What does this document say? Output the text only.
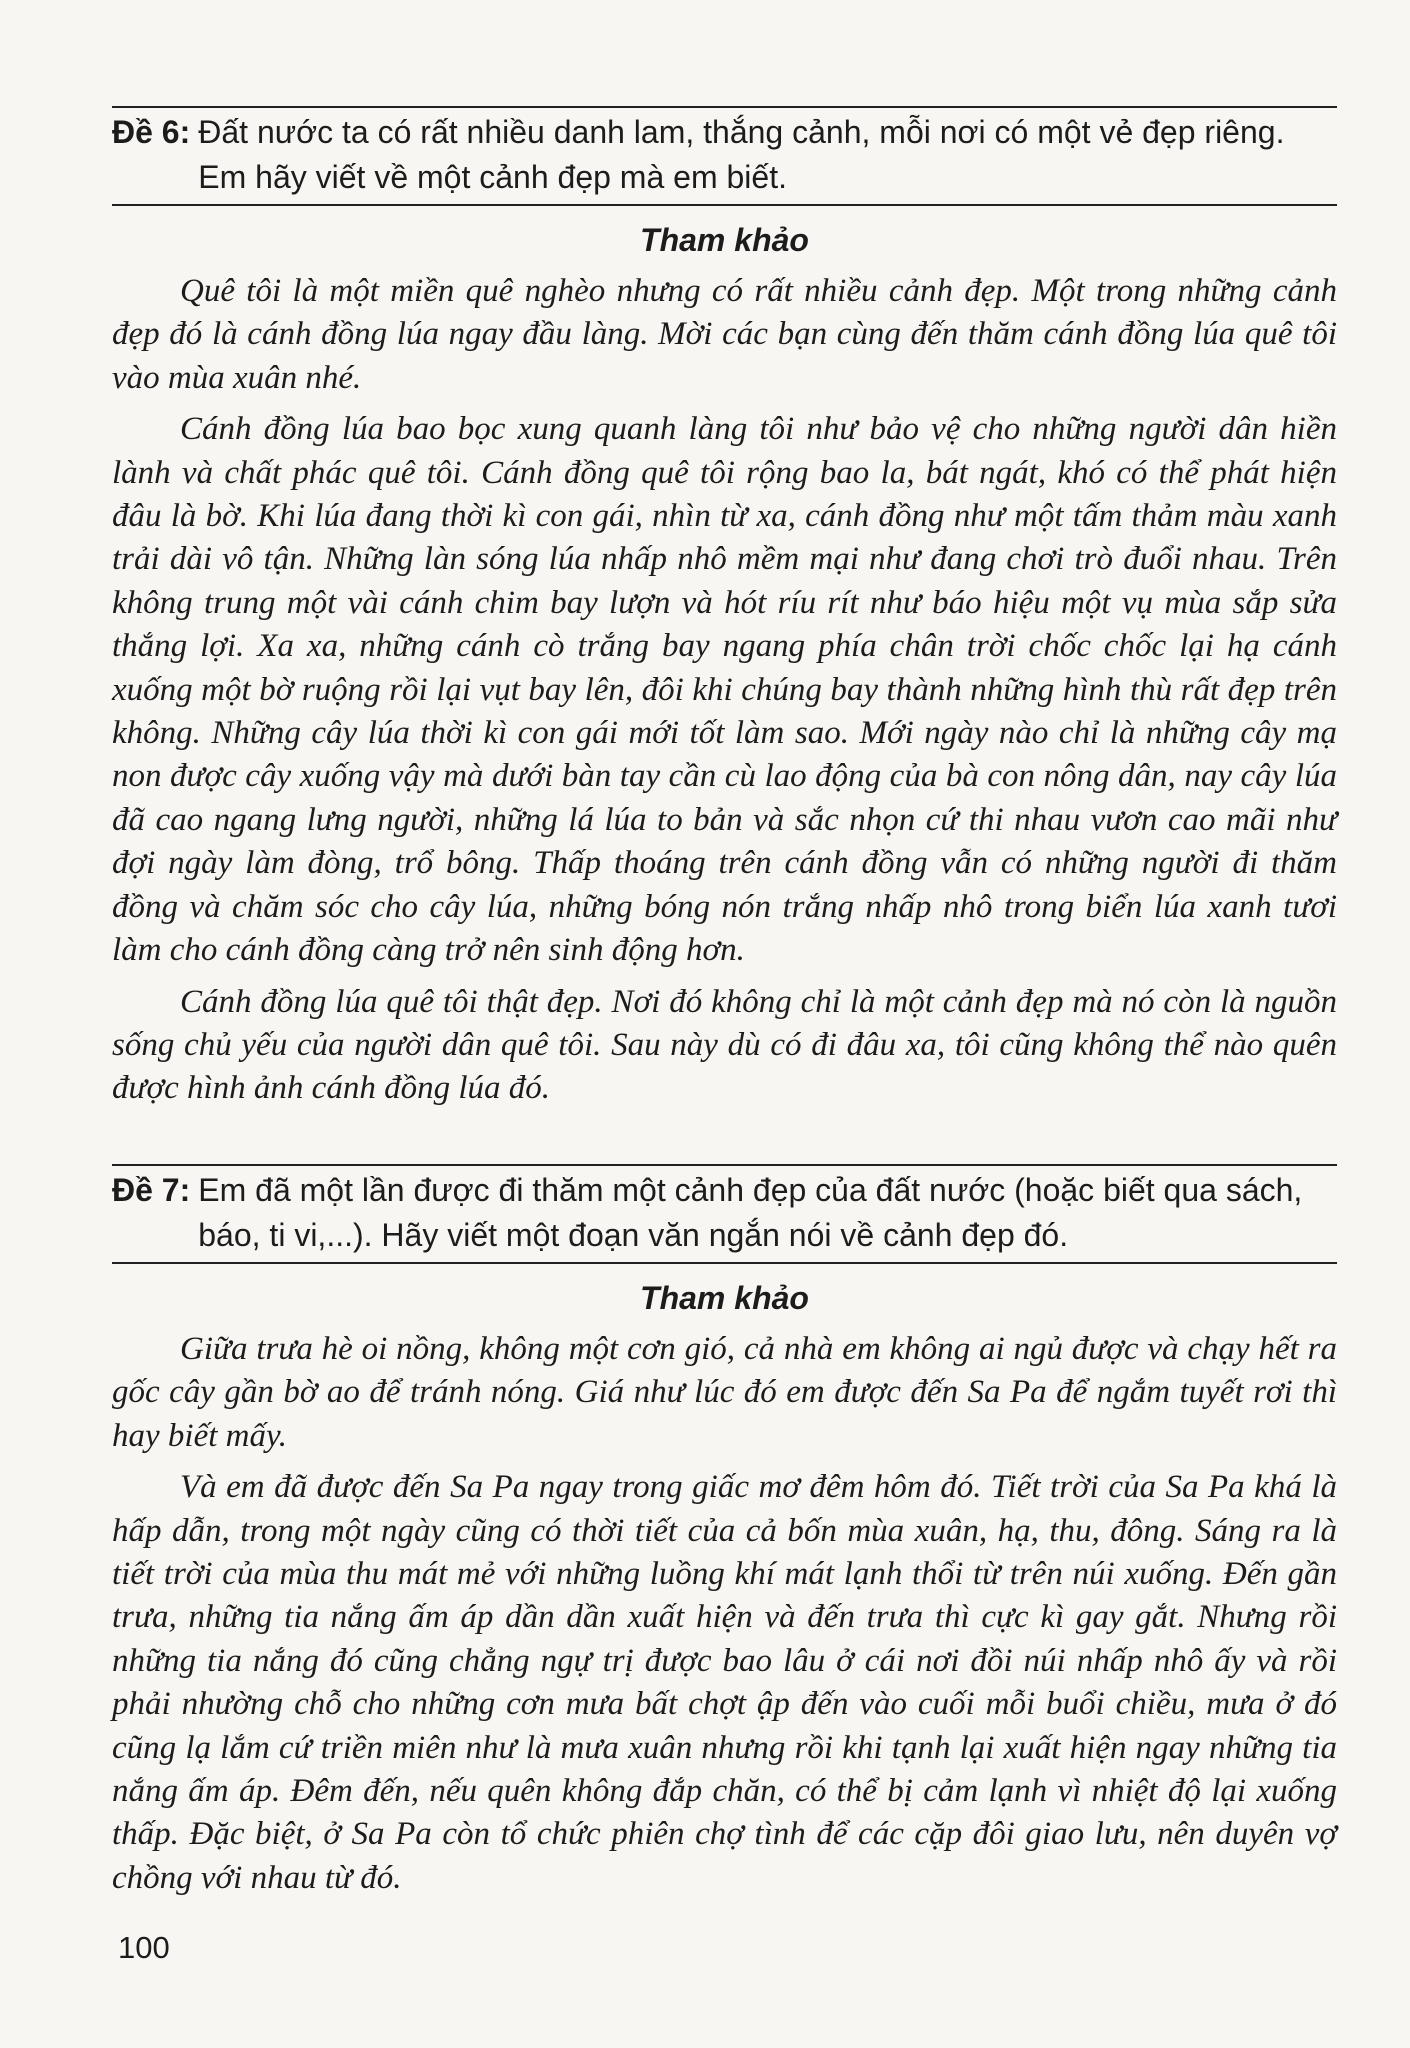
Đề 6: Đất nước ta có rất nhiều danh lam, thắng cảnh, mỗi nơi có một vẻ đẹp riêng. Em hãy viết về một cảnh đẹp mà em biết.
Tham khảo

Quê tôi là một miền quê nghèo nhưng có rất nhiều cảnh đẹp. Một trong những cảnh đẹp đó là cánh đồng lúa ngay đầu làng. Mời các bạn cùng đến thăm cánh đồng lúa quê tôi vào mùa xuân nhé.

Cánh đồng lúa bao bọc xung quanh làng tôi như bảo vệ cho những người dân hiền lành và chất phác quê tôi. Cánh đồng quê tôi rộng bao la, bát ngát, khó có thể phát hiện đâu là bờ. Khi lúa đang thời kì con gái, nhìn từ xa, cánh đồng như một tấm thảm màu xanh trải dài vô tận. Những làn sóng lúa nhấp nhô mềm mại như đang chơi trò đuổi nhau. Trên không trung một vài cánh chim bay lượn và hót ríu rít như báo hiệu một vụ mùa sắp sửa thắng lợi. Xa xa, những cánh cò trắng bay ngang phía chân trời chốc chốc lại hạ cánh xuống một bờ ruộng rồi lại vụt bay lên, đôi khi chúng bay thành những hình thù rất đẹp trên không. Những cây lúa thời kì con gái mới tốt làm sao. Mới ngày nào chỉ là những cây mạ non được cây xuống vậy mà dưới bàn tay cần cù lao động của bà con nông dân, nay cây lúa đã cao ngang lưng người, những lá lúa to bản và sắc nhọn cứ thi nhau vươn cao mãi như đợi ngày làm đòng, trổ bông. Thấp thoáng trên cánh đồng vẫn có những người đi thăm đồng và chăm sóc cho cây lúa, những bóng nón trắng nhấp nhô trong biển lúa xanh tươi làm cho cánh đồng càng trở nên sinh động hơn.

Cánh đồng lúa quê tôi thật đẹp. Nơi đó không chỉ là một cảnh đẹp mà nó còn là nguồn sống chủ yếu của người dân quê tôi. Sau này dù có đi đâu xa, tôi cũng không thể nào quên được hình ảnh cánh đồng lúa đó.

Đề 7: Em đã một lần được đi thăm một cảnh đẹp của đất nước (hoặc biết qua sách, báo, ti vi,...). Hãy viết một đoạn văn ngắn nói về cảnh đẹp đó.
Tham khảo

Giữa trưa hè oi nồng, không một cơn gió, cả nhà em không ai ngủ được và chạy hết ra gốc cây gần bờ ao để tránh nóng. Giá như lúc đó em được đến Sa Pa để ngắm tuyết rơi thì hay biết mấy.

Và em đã được đến Sa Pa ngay trong giấc mơ đêm hôm đó. Tiết trời của Sa Pa khá là hấp dẫn, trong một ngày cũng có thời tiết của cả bốn mùa xuân, hạ, thu, đông. Sáng ra là tiết trời của mùa thu mát mẻ với những luồng khí mát lạnh thổi từ trên núi xuống. Đến gần trưa, những tia nắng ấm áp dần dần xuất hiện và đến trưa thì cực kì gay gắt. Nhưng rồi những tia nắng đó cũng chẳng ngự trị được bao lâu ở cái nơi đồi núi nhấp nhô ấy và rồi phải nhường chỗ cho những cơn mưa bất chợt ập đến vào cuối mỗi buổi chiều, mưa ở đó cũng lạ lắm cứ triền miên như là mưa xuân nhưng rồi khi tạnh lại xuất hiện ngay những tia nắng ấm áp. Đêm đến, nếu quên không đắp chăn, có thể bị cảm lạnh vì nhiệt độ lại xuống thấp. Đặc biệt, ở Sa Pa còn tổ chức phiên chợ tình để các cặp đôi giao lưu, nên duyên vợ chồng với nhau từ đó.

100
